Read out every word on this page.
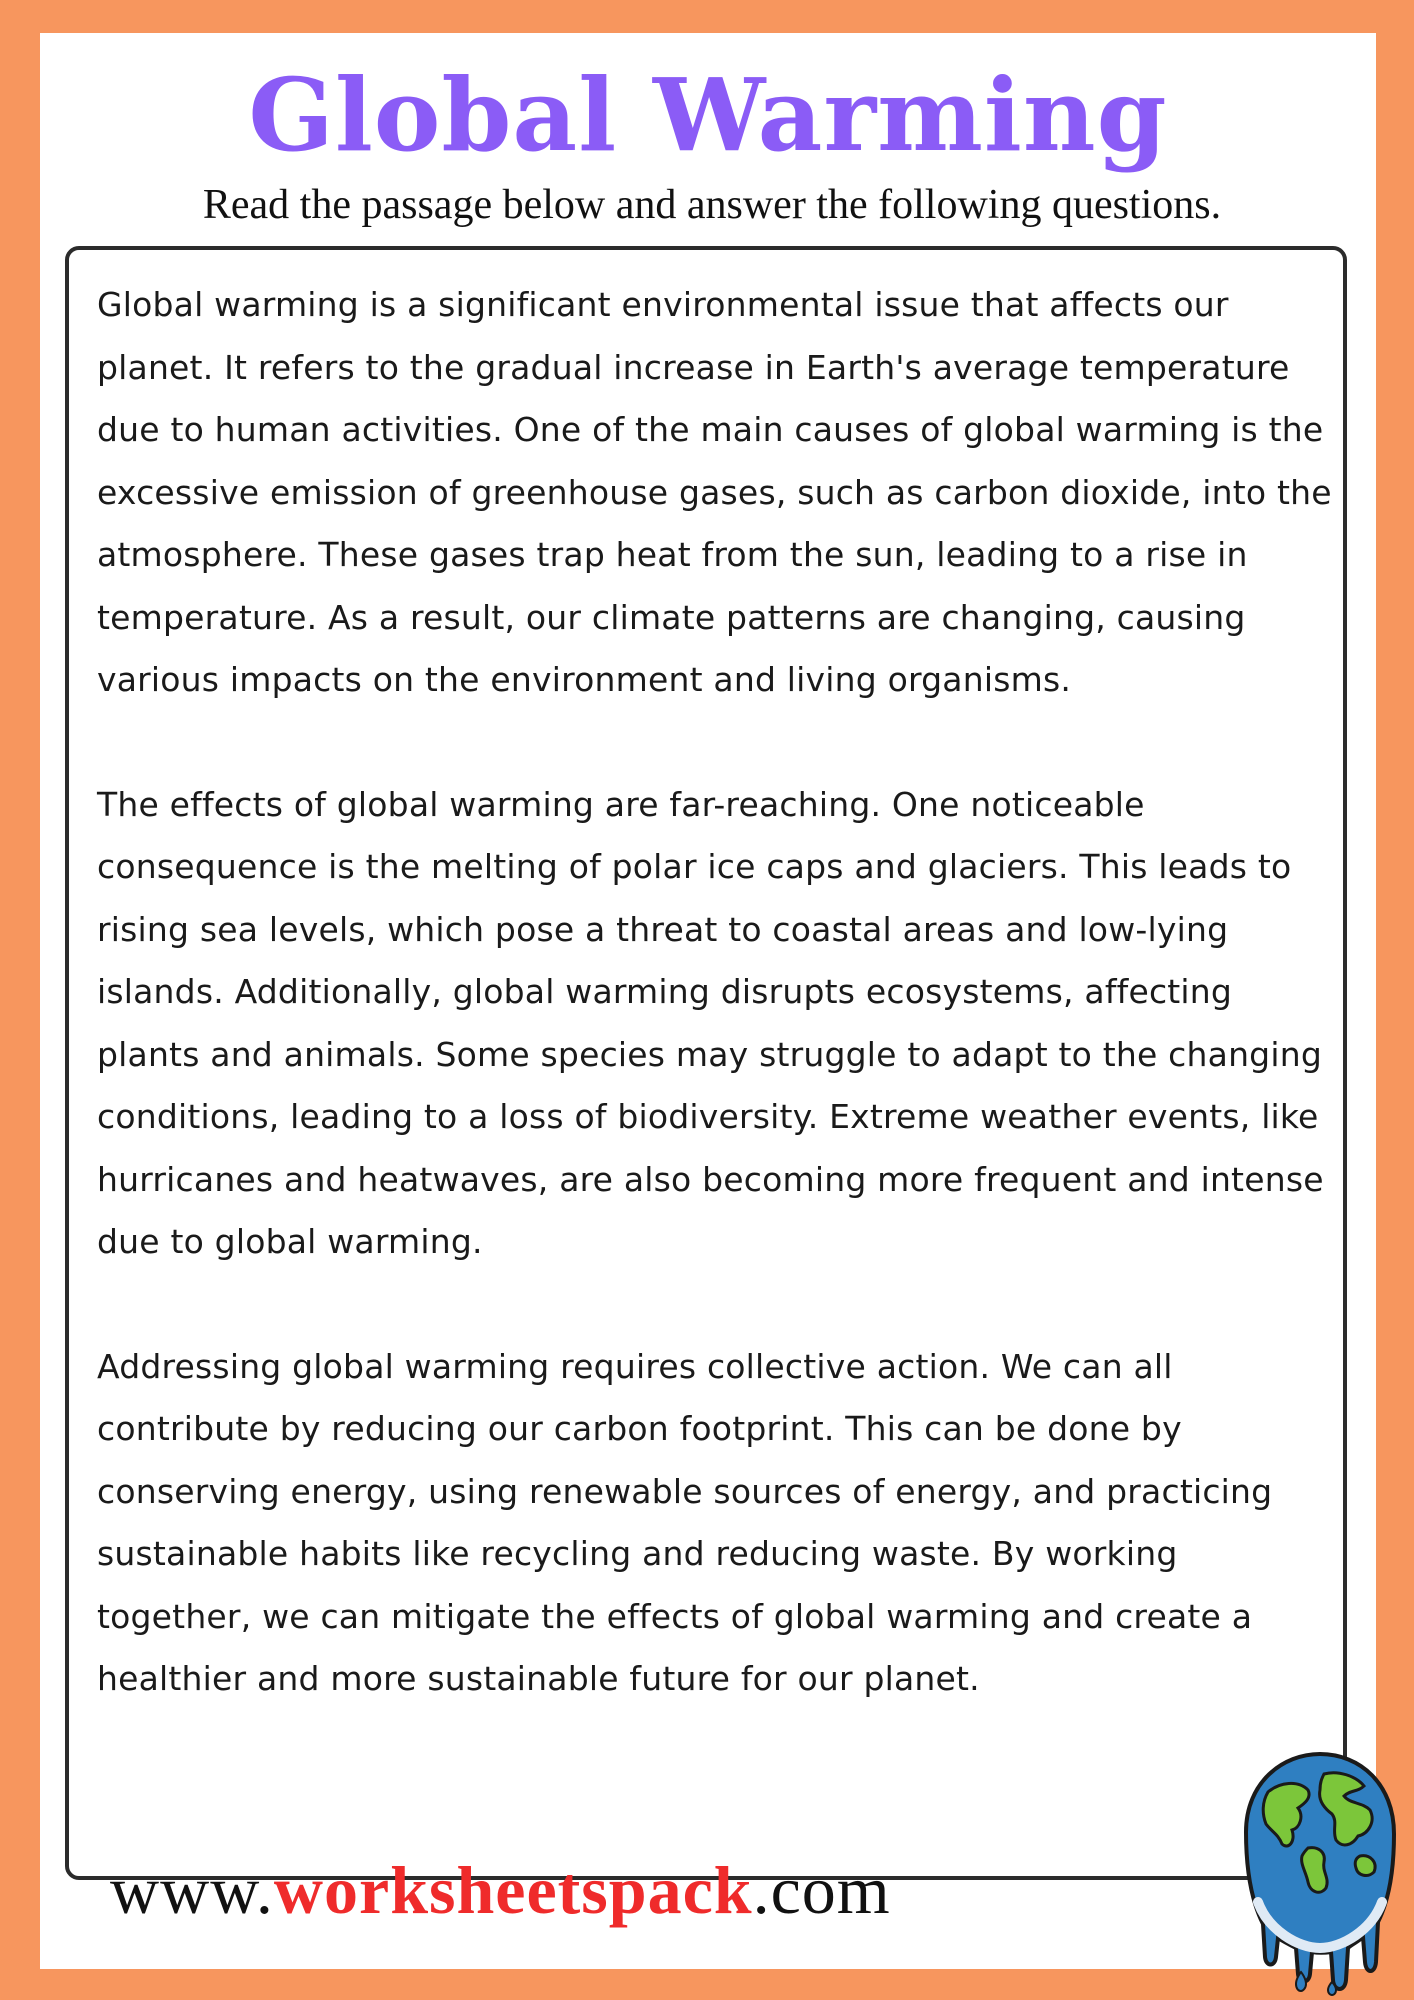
Global Warming

Read the passage below and answer the following questions.

Global warming is a significant environmental issue that affects our planet. It refers to the gradual increase in Earth's average temperature due to human activities. One of the main causes of global warming is the excessive emission of greenhouse gases, such as carbon dioxide, into the atmosphere. These gases trap heat from the sun, leading to a rise in temperature. As a result, our climate patterns are changing, causing various impacts on the environment and living organisms.

The effects of global warming are far-reaching. One noticeable consequence is the melting of polar ice caps and glaciers. This leads to rising sea levels, which pose a threat to coastal areas and low-lying islands. Additionally, global warming disrupts ecosystems, affecting plants and animals. Some species may struggle to adapt to the changing conditions, leading to a loss of biodiversity. Extreme weather events, like hurricanes and heatwaves, are also becoming more frequent and intense due to global warming.

Addressing global warming requires collective action. We can all contribute by reducing our carbon footprint. This can be done by conserving energy, using renewable sources of energy, and practicing sustainable habits like recycling and reducing waste. By working together, we can mitigate the effects of global warming and create a healthier and more sustainable future for our planet.

www.worksheetspack.com
